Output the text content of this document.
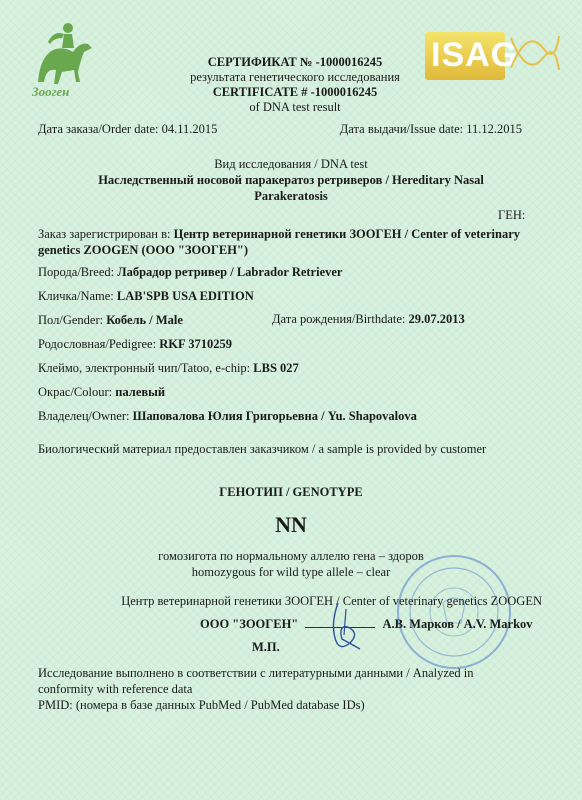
Зооген
ISAG
СЕРТИФИКАТ № -1000016245
результата генетического исследования
CERTIFICATE # -1000016245
of DNA test result
Дата заказа/Order date: 04.11.2015	Дата выдачи/Issue date: 11.12.2015
Вид исследования / DNA test
Наследственный носовой паракератоз ретриверов / Hereditary Nasal
Parakeratosis
ГЕН:
Заказ зарегистрирован в: Центр ветеринарной генетики ЗООГЕН / Center of veterinary
genetics ZOOGEN (ООО "ЗООГЕН")
Порода/Breed: Лабрадор ретривер / Labrador Retriever
Кличка/Name: LAB'SPB USA EDITION
Пол/Gender: Кобель / Male	Дата рождения/Birthdate: 29.07.2013
Родословная/Pedigree: RKF 3710259
Клеймо, электронный чип/Tatoo, e-chip: LBS 027
Окрас/Colour: палевый
Владелец/Owner: Шаповалова Юлия Григорьевна / Yu. Shapovalova
Биологический материал предоставлен заказчиком / a sample is provided by customer
ГЕНОТИП / GENOTYPE
NN
гомозигота по нормальному аллелю гена – здоров
homozygous for wild type allele – clear
Центр ветеринарной генетики ЗООГЕН / Center of veterinary genetics ZOOGEN
ООО "ЗООГЕН"	А.В. Марков / A.V. Markov
М.П.
Исследование выполнено в соответствии с литературными данными / Analyzed in
conformity with reference data
PMID: (номера в базе данных PubMed / PubMed database IDs)
